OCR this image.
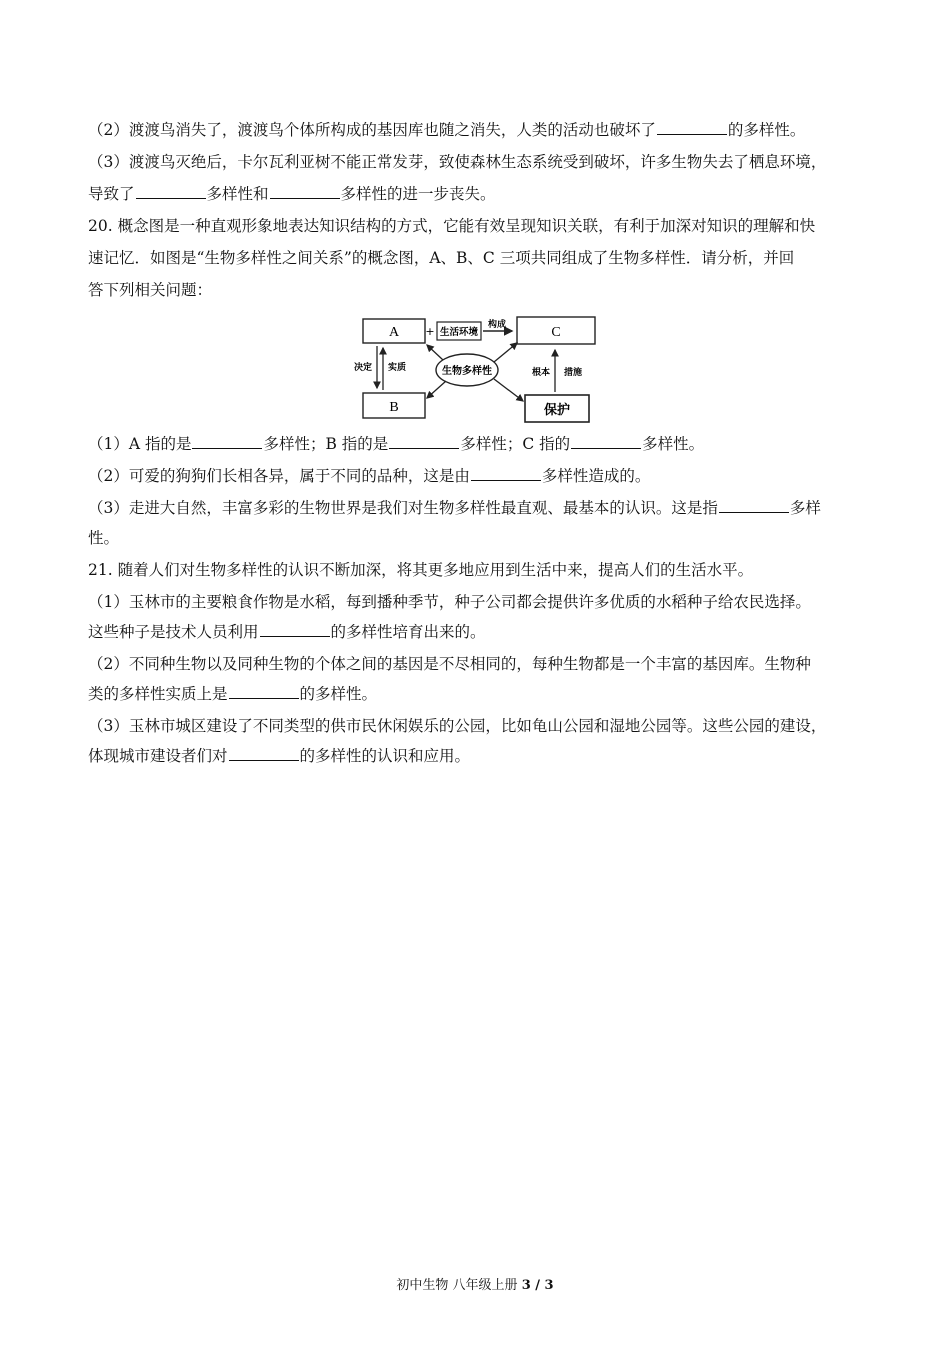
（2）渡渡鸟消失了，渡渡鸟个体所构成的基因库也随之消失，人类的活动也破坏了	的多样性。
（3）渡渡鸟灭绝后，卡尔瓦利亚树不能正常发芽，致使森林生态系统受到破坏，许多生物失去了栖息环境，
导致了	多样性和	多样性的进一步丧失。
20. 概念图是一种直观形象地表达知识结构的方式，它能有效呈现知识关联，有利于加深对知识的理解和快
速记忆．如图是“生物多样性之间关系”的概念图，A、B、C 三项共同组成了生物多样性．请分析，并回
答下列相关问题：
A + 生活环境
构成	C
决定 实质
B
生物多样性	根本 措施
保护
（1）A 指的是	多样性；B 指的是	多样性；C 指的	多样性。
（2）可爱的狗狗们长相各异，属于不同的品种，这是由	多样性造成的。
（3）走进大自然，丰富多彩的生物世界是我们对生物多样性最直观、最基本的认识。这是指	多样
性。
21. 随着人们对生物多样性的认识不断加深，将其更多地应用到生活中来，提高人们的生活水平。
（1）玉林市的主要粮食作物是水稻，每到播种季节，种子公司都会提供许多优质的水稻种子给农民选择。
这些种子是技术人员利用	的多样性培育出来的。
（2）不同种生物以及同种生物的个体之间的基因是不尽相同的，每种生物都是一个丰富的基因库。生物种
类的多样性实质上是	的多样性。
（3）玉林市城区建设了不同类型的供市民休闲娱乐的公园，比如龟山公园和湿地公园等。这些公园的建设，
体现城市建设者们对	的多样性的认识和应用。
初中生物 八年级上册 3 / 3
